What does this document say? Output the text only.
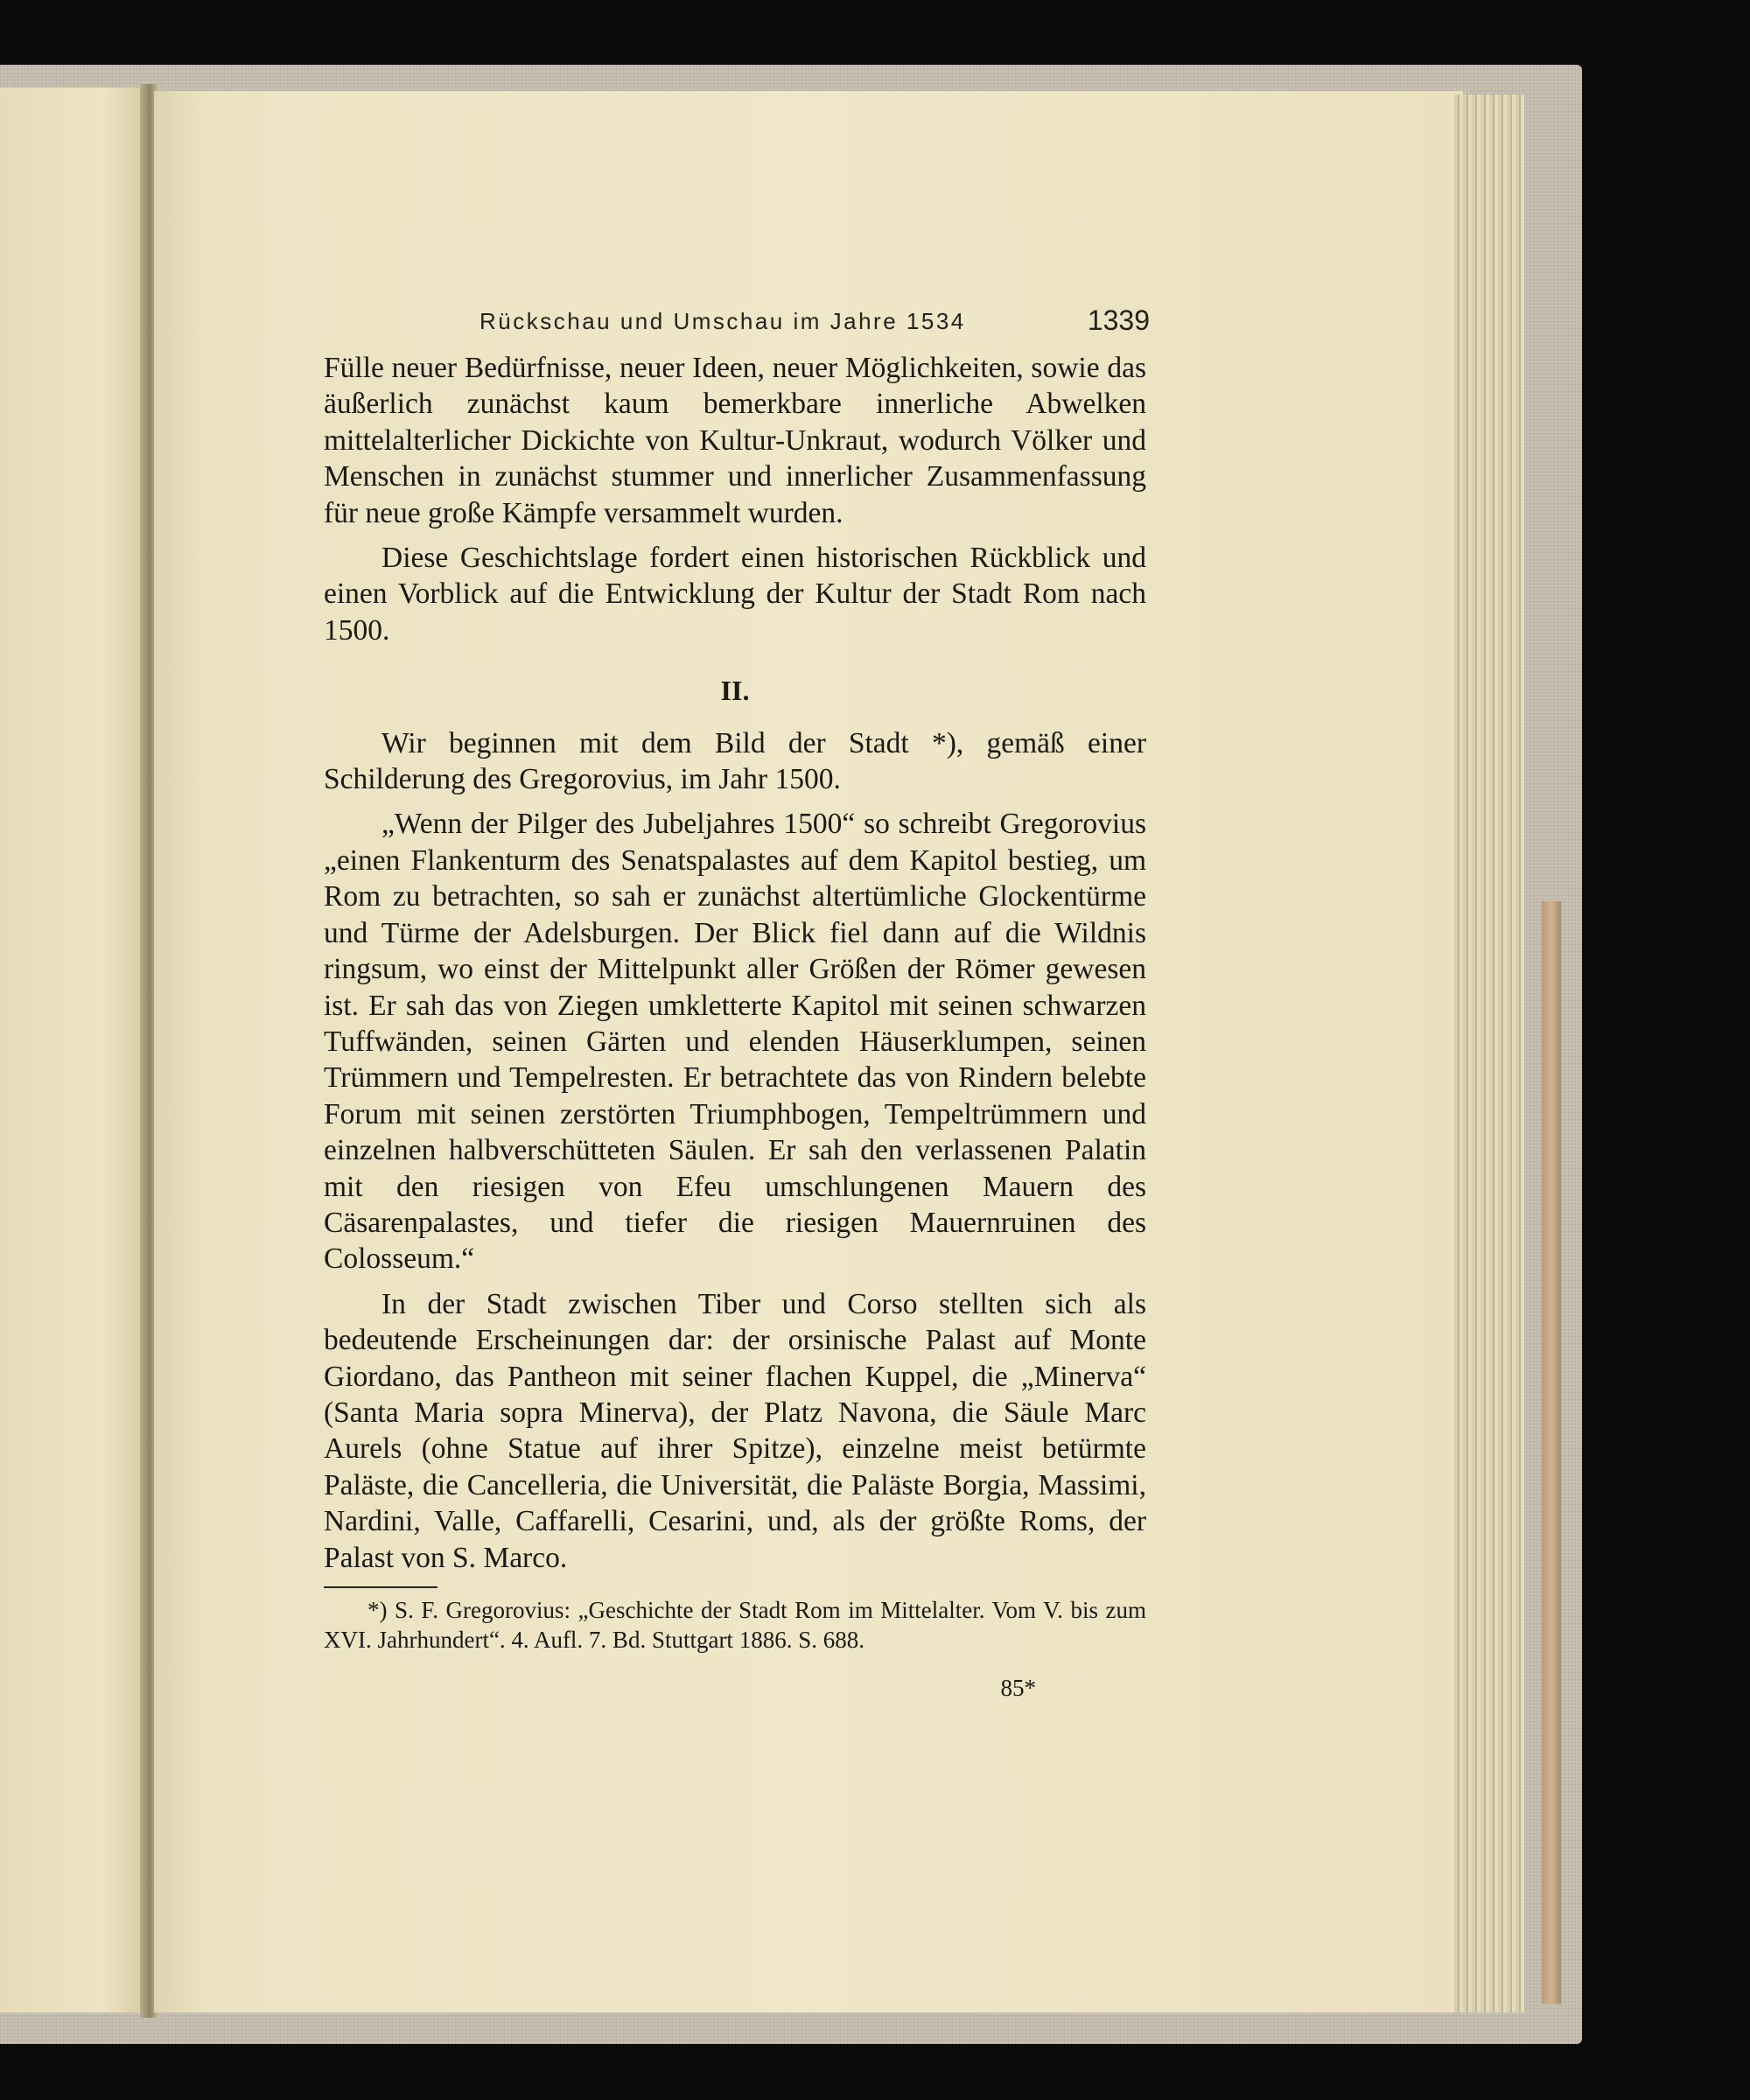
Rückschau und Umschau im Jahre 1534	1339

Fülle neuer Bedürfnisse, neuer Ideen, neuer Möglichkeiten, sowie das äußerlich zunächst kaum bemerkbare innerliche Abwelken mittelalterlicher Dickichte von Kultur-Unkraut, wodurch Völker und Menschen in zunächst stummer und innerlicher Zusammenfassung für neue große Kämpfe versammelt wurden.

Diese Geschichtslage fordert einen historischen Rückblick und einen Vorblick auf die Entwicklung der Kultur der Stadt Rom nach 1500.

II.

Wir beginnen mit dem Bild der Stadt *), gemäß einer Schilderung des Gregorovius, im Jahr 1500.

„Wenn der Pilger des Jubeljahres 1500“ so schreibt Gregorovius „einen Flankenturm des Senatspalastes auf dem Kapitol bestieg, um Rom zu betrachten, so sah er zunächst altertümliche Glockentürme und Türme der Adelsburgen. Der Blick fiel dann auf die Wildnis ringsum, wo einst der Mittelpunkt aller Größen der Römer gewesen ist. Er sah das von Ziegen umkletterte Kapitol mit seinen schwarzen Tuffwänden, seinen Gärten und elenden Häuserklumpen, seinen Trümmern und Tempelresten. Er betrachtete das von Rindern belebte Forum mit seinen zerstörten Triumphbogen, Tempeltrümmern und einzelnen halbverschütteten Säulen. Er sah den verlassenen Palatin mit den riesigen von Efeu umschlungenen Mauern des Cäsarenpalastes, und tiefer die riesigen Mauernruinen des Colosseum.“

In der Stadt zwischen Tiber und Corso stellten sich als bedeutende Erscheinungen dar: der orsinische Palast auf Monte Giordano, das Pantheon mit seiner flachen Kuppel, die „Minerva“ (Santa Maria sopra Minerva), der Platz Navona, die Säule Marc Aurels (ohne Statue auf ihrer Spitze), einzelne meist betürmte Paläste, die Cancelleria, die Universität, die Paläste Borgia, Massimi, Nardini, Valle, Caffarelli, Cesarini, und, als der größte Roms, der Palast von S. Marco.

*) S. F. Gregorovius: „Geschichte der Stadt Rom im Mittelalter. Vom V. bis zum XVI. Jahrhundert“. 4. Aufl. 7. Bd. Stuttgart 1886. S. 688.

85*
